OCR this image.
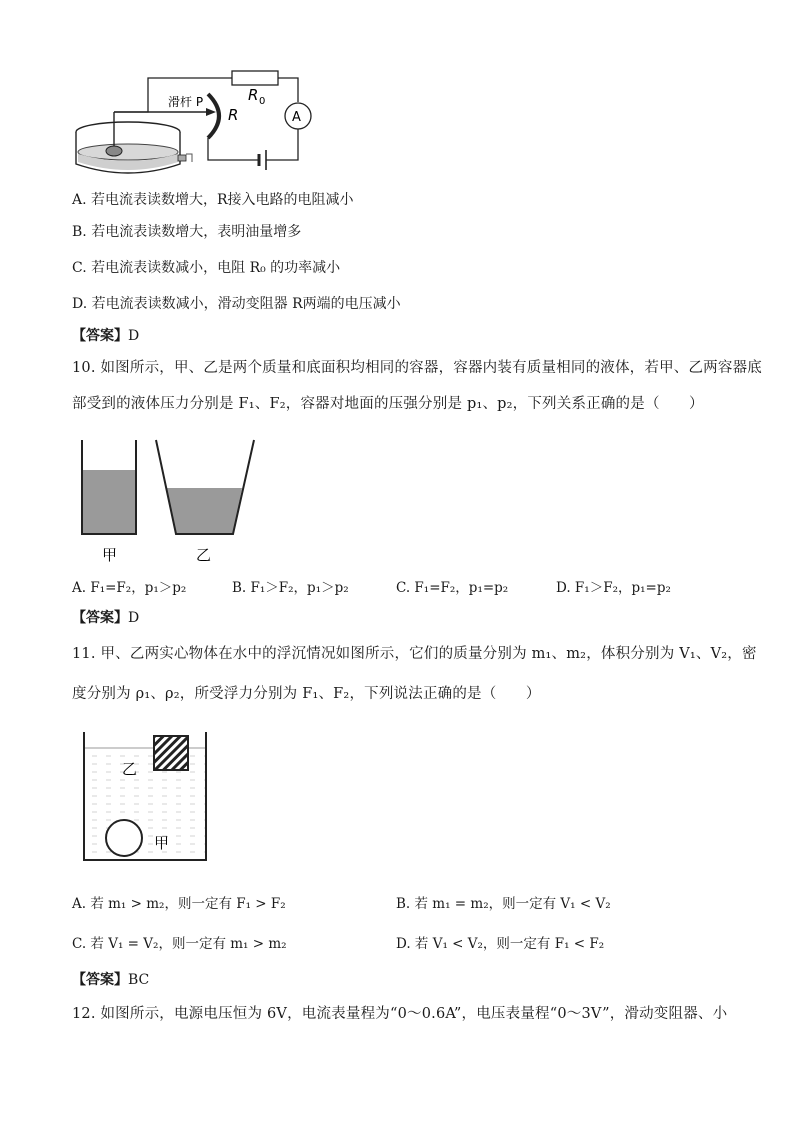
滑杆 P
R
R 0
A
A. 若电流表读数增大，R接入电路的电阻减小
B. 若电流表读数增大，表明油量增多
C. 若电流表读数减小，电阻 R₀ 的功率减小
D. 若电流表读数减小，滑动变阻器 R两端的电压减小
【答案】D
10. 如图所示，甲、乙是两个质量和底面积均相同的容器，容器内装有质量相同的液体，若甲、乙两容器底
部受到的液体压力分别是 F₁、F₂，容器对地面的压强分别是 p₁、p₂，下列关系正确的是（　　）
甲	乙
A. F₁=F₂，p₁＞p₂	B. F₁＞F₂，p₁＞p₂	C. F₁=F₂，p₁=p₂	D. F₁＞F₂，p₁=p₂
【答案】D
11. 甲、乙两实心物体在水中的浮沉情况如图所示，它们的质量分别为 m₁、m₂，体积分别为 V₁、V₂，密
度分别为 ρ₁、ρ₂，所受浮力分别为 F₁、F₂，下列说法正确的是（　　）
乙
甲
A. 若 m₁ > m₂，则一定有 F₁ > F₂	B. 若 m₁ = m₂，则一定有 V₁ < V₂
C. 若 V₁ = V₂，则一定有 m₁ > m₂	D. 若 V₁ < V₂，则一定有 F₁ < F₂
【答案】BC
12. 如图所示，电源电压恒为 6V，电流表量程为“0～0.6A”，电压表量程“0～3V”，滑动变阻器、小
